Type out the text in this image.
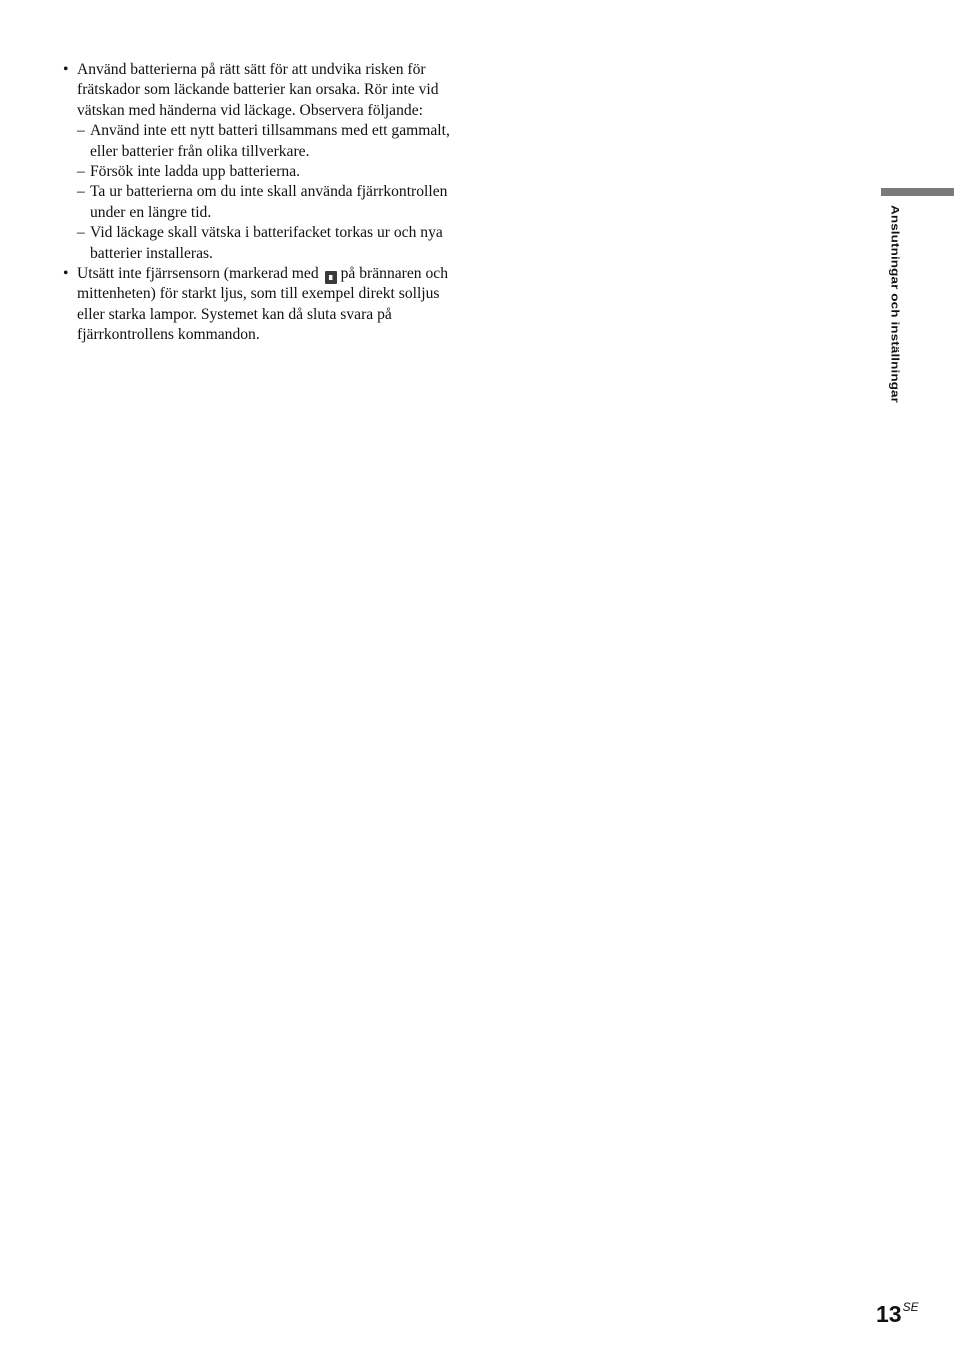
• Använd batterierna på rätt sätt för att undvika risken för frätskador som läckande batterier kan orsaka. Rör inte vid vätskan med händerna vid läckage. Observera följande:
– Använd inte ett nytt batteri tillsammans med ett gammalt, eller batterier från olika tillverkare.
– Försök inte ladda upp batterierna.
– Ta ur batterierna om du inte skall använda fjärrkontrollen under en längre tid.
– Vid läckage skall vätska i batterifacket torkas ur och nya batterier installeras.
• Utsätt inte fjärrsensorn (markerad med ∎ på brännaren och mittenheten) för starkt ljus, som till exempel direkt solljus eller starka lampor. Systemet kan då sluta svara på fjärrkontrollens kommandon.	Anslutningar och inställningar
$13^{SE}$
